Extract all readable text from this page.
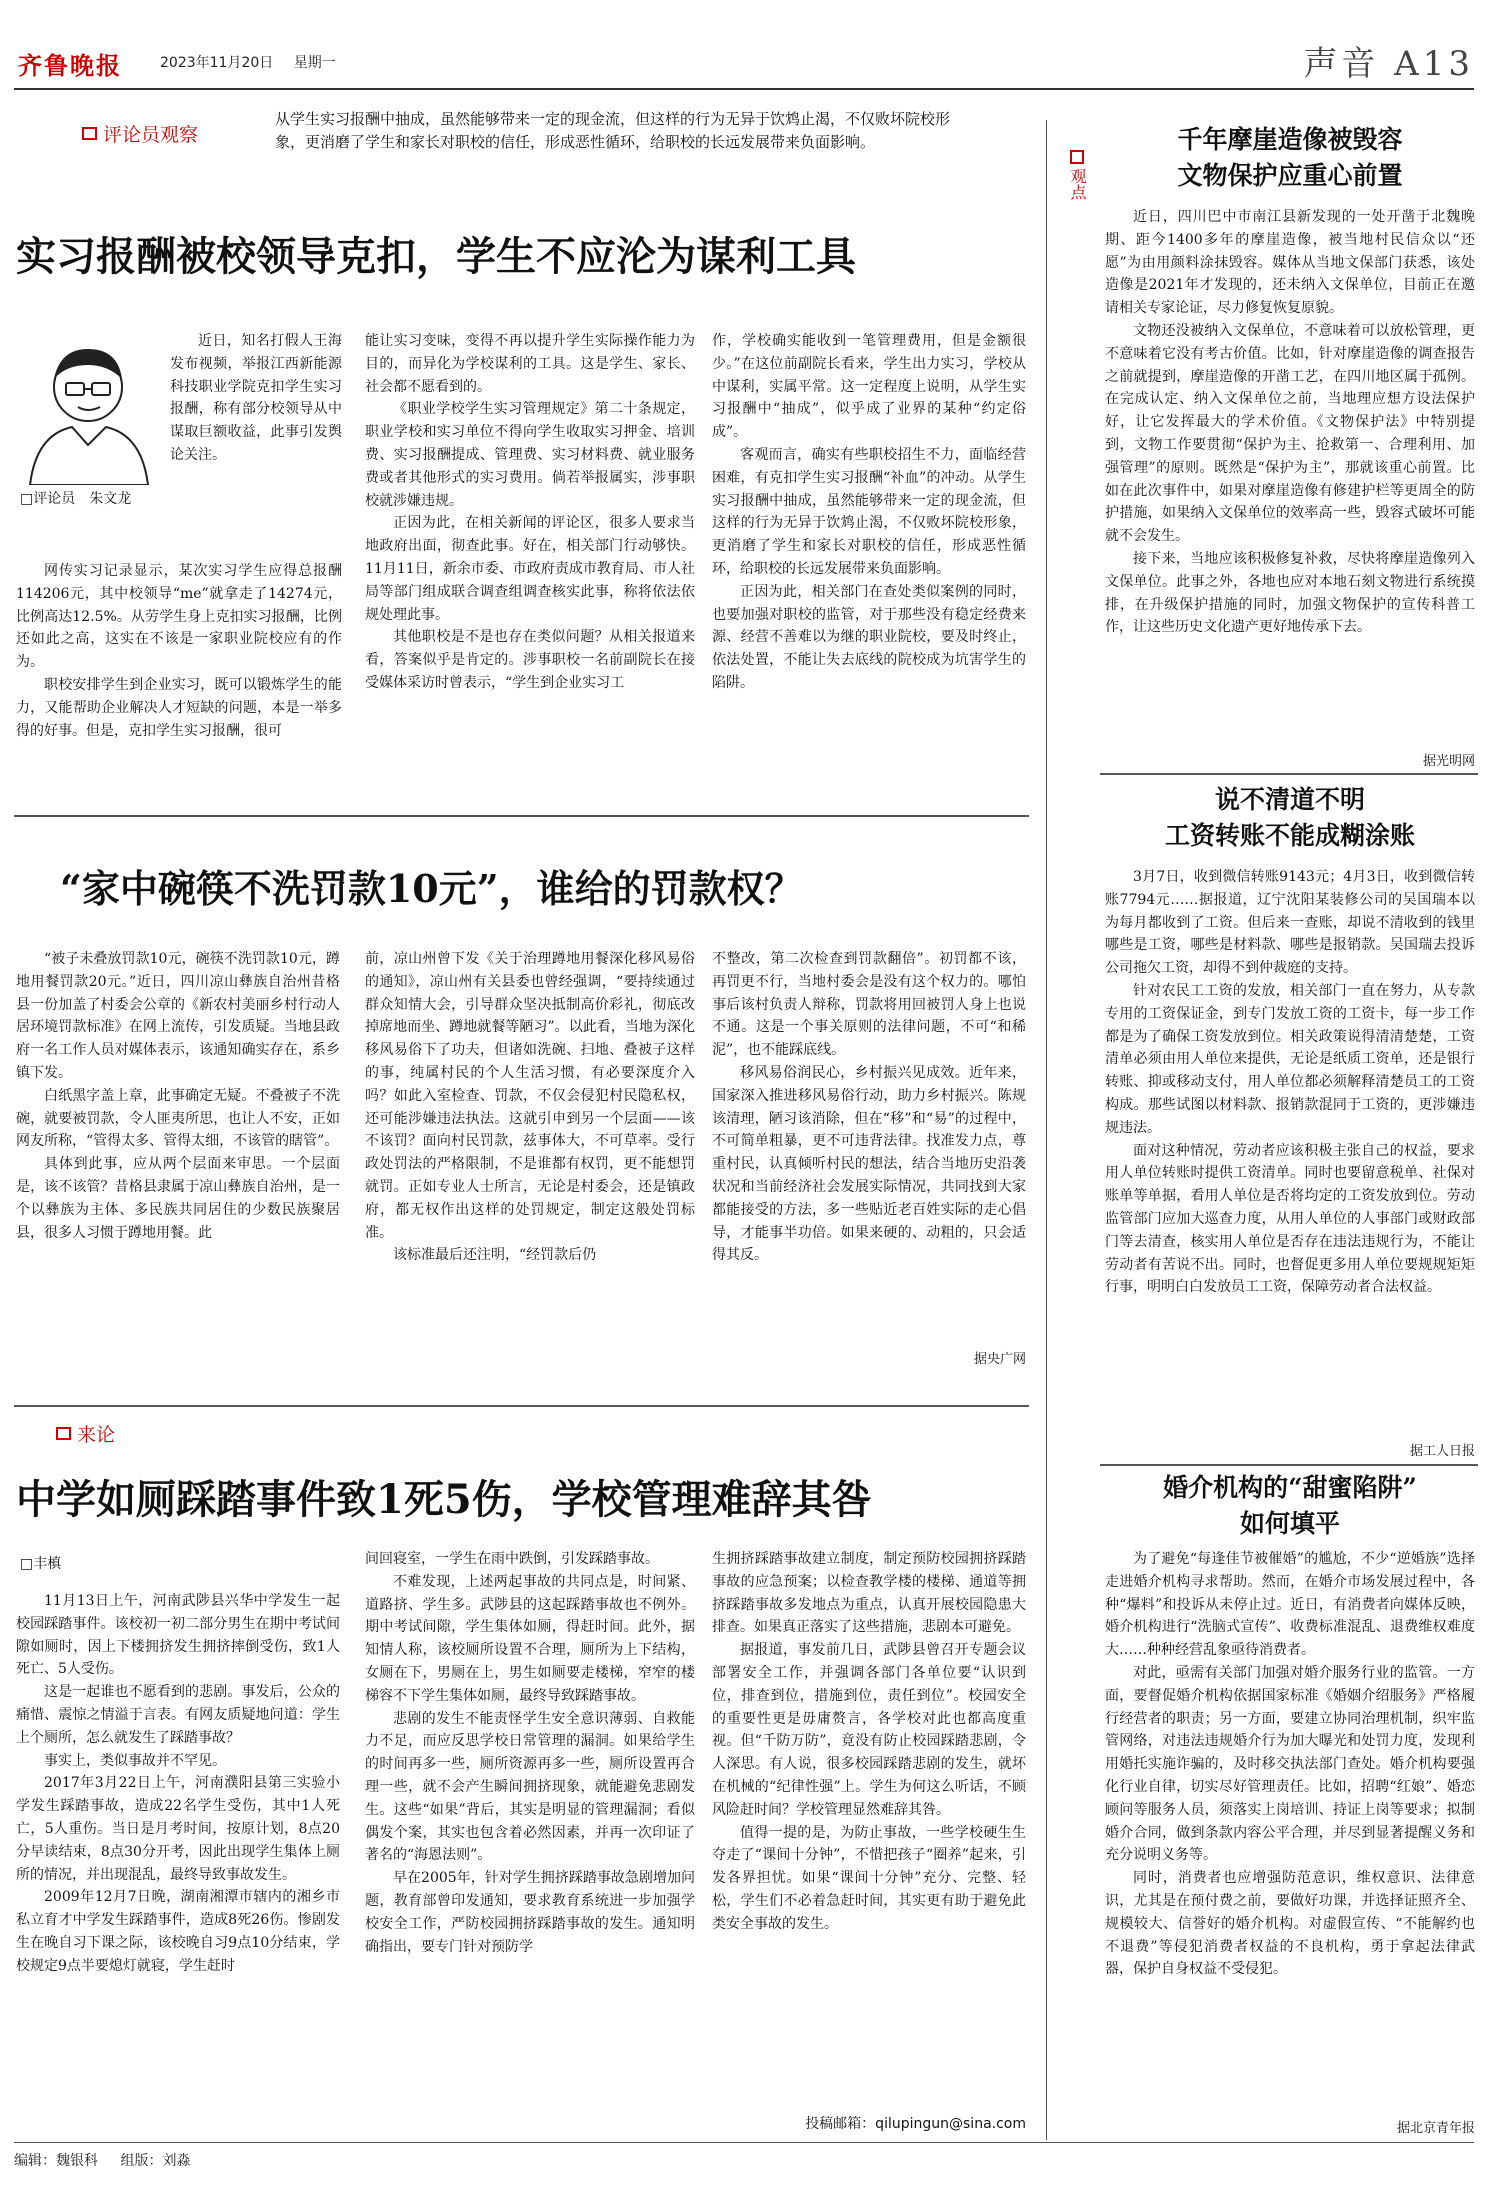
齐鲁晚报	2023年11月20日 星期一	声音 A13
评论员观察
从学生实习报酬中抽成，虽然能够带来一定的现金流，但这样的行为无异于饮鸩止渴，不仅败坏院校形象，更消磨了学生和家长对职校的信任，形成恶性循环，给职校的长远发展带来负面影响。
实习报酬被校领导克扣，学生不应沦为谋利工具
□评论员　朱文龙

近日，知名打假人王海发布视频，举报江西新能源科技职业学院克扣学生实习报酬，称有部分校领导从中谋取巨额收益，此事引发舆论关注。

网传实习记录显示，某次实习学生应得总报酬114206元，其中校领导“me”就拿走了14274元，比例高达12.5%。从劳学生身上克扣实习报酬，比例还如此之高，这实在不该是一家职业院校应有的作为。

职校安排学生到企业实习，既可以锻炼学生的能力，又能帮助企业解决人才短缺的问题，本是一举多得的好事。但是，克扣学生实习报酬，很可

能让实习变味，变得不再以提升学生实际操作能力为目的，而异化为学校谋利的工具。这是学生、家长、社会都不愿看到的。

《职业学校学生实习管理规定》第二十条规定，职业学校和实习单位不得向学生收取实习押金、培训费、实习报酬提成、管理费、实习材料费、就业服务费或者其他形式的实习费用。倘若举报属实，涉事职校就涉嫌违规。

正因为此，在相关新闻的评论区，很多人要求当地政府出面，彻查此事。好在，相关部门行动够快。11月11日，新余市委、市政府责成市教育局、市人社局等部门组成联合调查组调查核实此事，称将依法依规处理此事。

其他职校是不是也存在类似问题？从相关报道来看，答案似乎是肯定的。涉事职校一名前副院长在接受媒体采访时曾表示，“学生到企业实习工

作，学校确实能收到一笔管理费用，但是金额很少。”在这位前副院长看来，学生出力实习，学校从中谋利，实属平常。这一定程度上说明，从学生实习报酬中“抽成”，似乎成了业界的某种“约定俗成”。

客观而言，确实有些职校招生不力，面临经营困难，有克扣学生实习报酬“补血”的冲动。从学生实习报酬中抽成，虽然能够带来一定的现金流，但这样的行为无异于饮鸩止渴，不仅败坏院校形象，更消磨了学生和家长对职校的信任，形成恶性循环，给职校的长远发展带来负面影响。

正因为此，相关部门在查处类似案例的同时，也要加强对职校的监管，对于那些没有稳定经费来源、经营不善难以为继的职业院校，要及时终止，依法处置，不能让失去底线的院校成为坑害学生的陷阱。

“家中碗筷不洗罚款10元”，谁给的罚款权？

“被子未叠放罚款10元，碗筷不洗罚款10元，蹲地用餐罚款20元。”近日，四川凉山彝族自治州昔格县一份加盖了村委会公章的《新农村美丽乡村行动人居环境罚款标准》在网上流传，引发质疑。当地县政府一名工作人员对媒体表示，该通知确实存在，系乡镇下发。

白纸黑字盖上章，此事确定无疑。不叠被子不洗碗，就要被罚款，令人匪夷所思，也让人不安，正如网友所称，“管得太多、管得太细，不该管的瞎管”。

具体到此事，应从两个层面来审思。一个层面是，该不该管？昔格县隶属于凉山彝族自治州，是一个以彝族为主体、多民族共同居住的少数民族聚居县，很多人习惯于蹲地用餐。此

前，凉山州曾下发《关于治理蹲地用餐深化移风易俗的通知》，凉山州有关县委也曾经强调，“要持续通过群众知情大会，引导群众坚决抵制高价彩礼，彻底改掉席地而坐、蹲地就餐等陋习”。以此看，当地为深化移风易俗下了功夫，但诸如洗碗、扫地、叠被子这样的事，纯属村民的个人生活习惯，有必要深度介入吗？如此入室检查、罚款，不仅会侵犯村民隐私权，还可能涉嫌违法执法。这就引申到另一个层面——该不该罚？面向村民罚款，兹事体大，不可草率。受行政处罚法的严格限制，不是谁都有权罚，更不能想罚就罚。正如专业人士所言，无论是村委会，还是镇政府，都无权作出这样的处罚规定，制定这般处罚标准。

该标准最后还注明，“经罚款后仍

不整改，第二次检查到罚款翻倍”。初罚都不该，再罚更不行，当地村委会是没有这个权力的。哪怕事后该村负责人辩称，罚款将用回被罚人身上也说不通。这是一个事关原则的法律问题，不可“和稀泥”，也不能踩底线。

移风易俗润民心，乡村振兴见成效。近年来，国家深入推进移风易俗行动，助力乡村振兴。陈规该清理，陋习该消除，但在“移”和“易”的过程中，不可简单粗暴，更不可违背法律。找准发力点，尊重村民，认真倾听村民的想法，结合当地历史沿袭状况和当前经济社会发展实际情况，共同找到大家都能接受的方法，多一些贴近老百姓实际的走心倡导，才能事半功倍。如果来硬的、动粗的，只会适得其反。

据央广网
来论
中学如厕踩踏事件致1死5伤，学校管理难辞其咎
□丰槙

11月13日上午，河南武陟县兴华中学发生一起校园踩踏事件。该校初一初二部分男生在期中考试间隙如厕时，因上下楼拥挤发生拥挤摔倒受伤，致1人死亡、5人受伤。

这是一起谁也不愿看到的悲剧。事发后，公众的痛惜、震惊之情溢于言表。有网友质疑地问道：学生上个厕所，怎么就发生了踩踏事故？

事实上，类似事故并不罕见。

2017年3月22日上午，河南濮阳县第三实验小学发生踩踏事故，造成22名学生受伤，其中1人死亡，5人重伤。当日是月考时间，按原计划，8点20分早读结束，8点30分开考，因此出现学生集体上厕所的情况，并出现混乱，最终导致事故发生。

2009年12月7日晚，湖南湘潭市辖内的湘乡市私立育才中学发生踩踏事件，造成8死26伤。惨剧发生在晚自习下课之际，该校晚自习9点10分结束，学校规定9点半要熄灯就寝，学生赶时

间回寝室，一学生在雨中跌倒，引发踩踏事故。

不难发现，上述两起事故的共同点是，时间紧、道路挤、学生多。武陟县的这起踩踏事故也不例外。期中考试间隙，学生集体如厕，得赶时间。此外，据知情人称，该校厕所设置不合理，厕所为上下结构，女厕在下，男厕在上，男生如厕要走楼梯，窄窄的楼梯容不下学生集体如厕，最终导致踩踏事故。

悲剧的发生不能责怪学生安全意识薄弱、自救能力不足，而应反思学校日常管理的漏洞。如果给学生的时间再多一些，厕所资源再多一些，厕所设置再合理一些，就不会产生瞬间拥挤现象，就能避免悲剧发生。这些“如果”背后，其实是明显的管理漏洞；看似偶发个案，其实也包含着必然因素，并再一次印证了著名的“海恩法则”。

早在2005年，针对学生拥挤踩踏事故急剧增加问题，教育部曾印发通知，要求教育系统进一步加强学校安全工作，严防校园拥挤踩踏事故的发生。通知明确指出，要专门针对预防学

生拥挤踩踏事故建立制度，制定预防校园拥挤踩踏事故的应急预案；以检查教学楼的楼梯、通道等拥挤踩踏事故多发地点为重点，认真开展校园隐患大排查。如果真正落实了这些措施，悲剧本可避免。

据报道，事发前几日，武陟县曾召开专题会议部署安全工作，并强调各部门各单位要“认识到位，排查到位，措施到位，责任到位”。校园安全的重要性更是毋庸赘言，各学校对此也都高度重视。但“千防万防”，竟没有防止校园踩踏悲剧，令人深思。有人说，很多校园踩踏悲剧的发生，就坏在机械的“纪律性强”上。学生为何这么听话，不顾风险赶时间？学校管理显然难辞其咎。

值得一提的是，为防止事故，一些学校硬生生夺走了“课间十分钟”，不惜把孩子“圈养”起来，引发各界担忧。如果“课间十分钟”充分、完整、轻松，学生们不必着急赶时间，其实更有助于避免此类安全事故的发生。

投稿邮箱：qilupingun@sina.com
观点
千年摩崖造像被毁容
文物保护应重心前置

近日，四川巴中市南江县新发现的一处开凿于北魏晚期、距今1400多年的摩崖造像，被当地村民信众以“还愿”为由用颜料涂抹毁容。媒体从当地文保部门获悉，该处造像是2021年才发现的，还未纳入文保单位，目前正在邀请相关专家论证，尽力修复恢复原貌。

文物还没被纳入文保单位，不意味着可以放松管理，更不意味着它没有考古价值。比如，针对摩崖造像的调查报告之前就提到，摩崖造像的开凿工艺，在四川地区属于孤例。在完成认定、纳入文保单位之前，当地理应想方设法保护好，让它发挥最大的学术价值。《文物保护法》中特别提到，文物工作要贯彻“保护为主、抢救第一、合理利用、加强管理”的原则。既然是“保护为主”，那就该重心前置。比如在此次事件中，如果对摩崖造像有修建护栏等更周全的防护措施，如果纳入文保单位的效率高一些，毁容式破坏可能就不会发生。

接下来，当地应该积极修复补救，尽快将摩崖造像列入文保单位。此事之外，各地也应对本地石刻文物进行系统摸排，在升级保护措施的同时，加强文物保护的宣传科普工作，让这些历史文化遗产更好地传承下去。

据光明网
说不清道不明
工资转账不能成糊涂账

3月7日，收到微信转账9143元；4月3日，收到微信转账7794元……据报道，辽宁沈阳某装修公司的吴国瑞本以为每月都收到了工资。但后来一查账，却说不清收到的钱里哪些是工资，哪些是材料款、哪些是报销款。吴国瑞去投诉公司拖欠工资，却得不到仲裁庭的支持。

针对农民工工资的发放，相关部门一直在努力，从专款专用的工资保证金，到专门发放工资的工资卡，每一步工作都是为了确保工资发放到位。相关政策说得清清楚楚，工资清单必须由用人单位来提供，无论是纸质工资单，还是银行转账、抑或移动支付，用人单位都必须解释清楚员工的工资构成。那些试图以材料款、报销款混同于工资的，更涉嫌违规违法。

面对这种情况，劳动者应该积极主张自己的权益，要求用人单位转账时提供工资清单。同时也要留意税单、社保对账单等单据，看用人单位是否将均定的工资发放到位。劳动监管部门应加大巡查力度，从用人单位的人事部门或财政部门等去清查，核实用人单位是否存在违法违规行为，不能让劳动者有苦说不出。同时，也督促更多用人单位要规规矩矩行事，明明白白发放员工工资，保障劳动者合法权益。

据工人日报
婚介机构的“甜蜜陷阱”
如何填平

为了避免“每逢佳节被催婚”的尴尬，不少“逆婚族”选择走进婚介机构寻求帮助。然而，在婚介市场发展过程中，各种“爆料”和投诉从未停止过。近日，有消费者向媒体反映，婚介机构进行“洗脑式宣传”、收费标准混乱、退费维权难度大……种种经营乱象亟待消费者。

对此，亟需有关部门加强对婚介服务行业的监管。一方面，要督促婚介机构依据国家标准《婚姻介绍服务》严格履行经营者的职责；另一方面，要建立协同治理机制，织牢监管网络，对违法违规婚介行为加大曝光和处罚力度，发现利用婚托实施诈骗的，及时移交执法部门查处。婚介机构要强化行业自律，切实尽好管理责任。比如，招聘“红娘”、婚恋顾问等服务人员，须落实上岗培训、持证上岗等要求；拟制婚介合同，做到条款内容公平合理，并尽到显著提醒义务和充分说明义务等。

同时，消费者也应增强防范意识，维权意识、法律意识，尤其是在预付费之前，要做好功课，并选择证照齐全、规模较大、信誉好的婚介机构。对虚假宣传、“不能解约也不退费”等侵犯消费者权益的不良机构，勇于拿起法律武器，保护自身权益不受侵犯。

据北京青年报
编辑：魏银科 组版：刘淼
